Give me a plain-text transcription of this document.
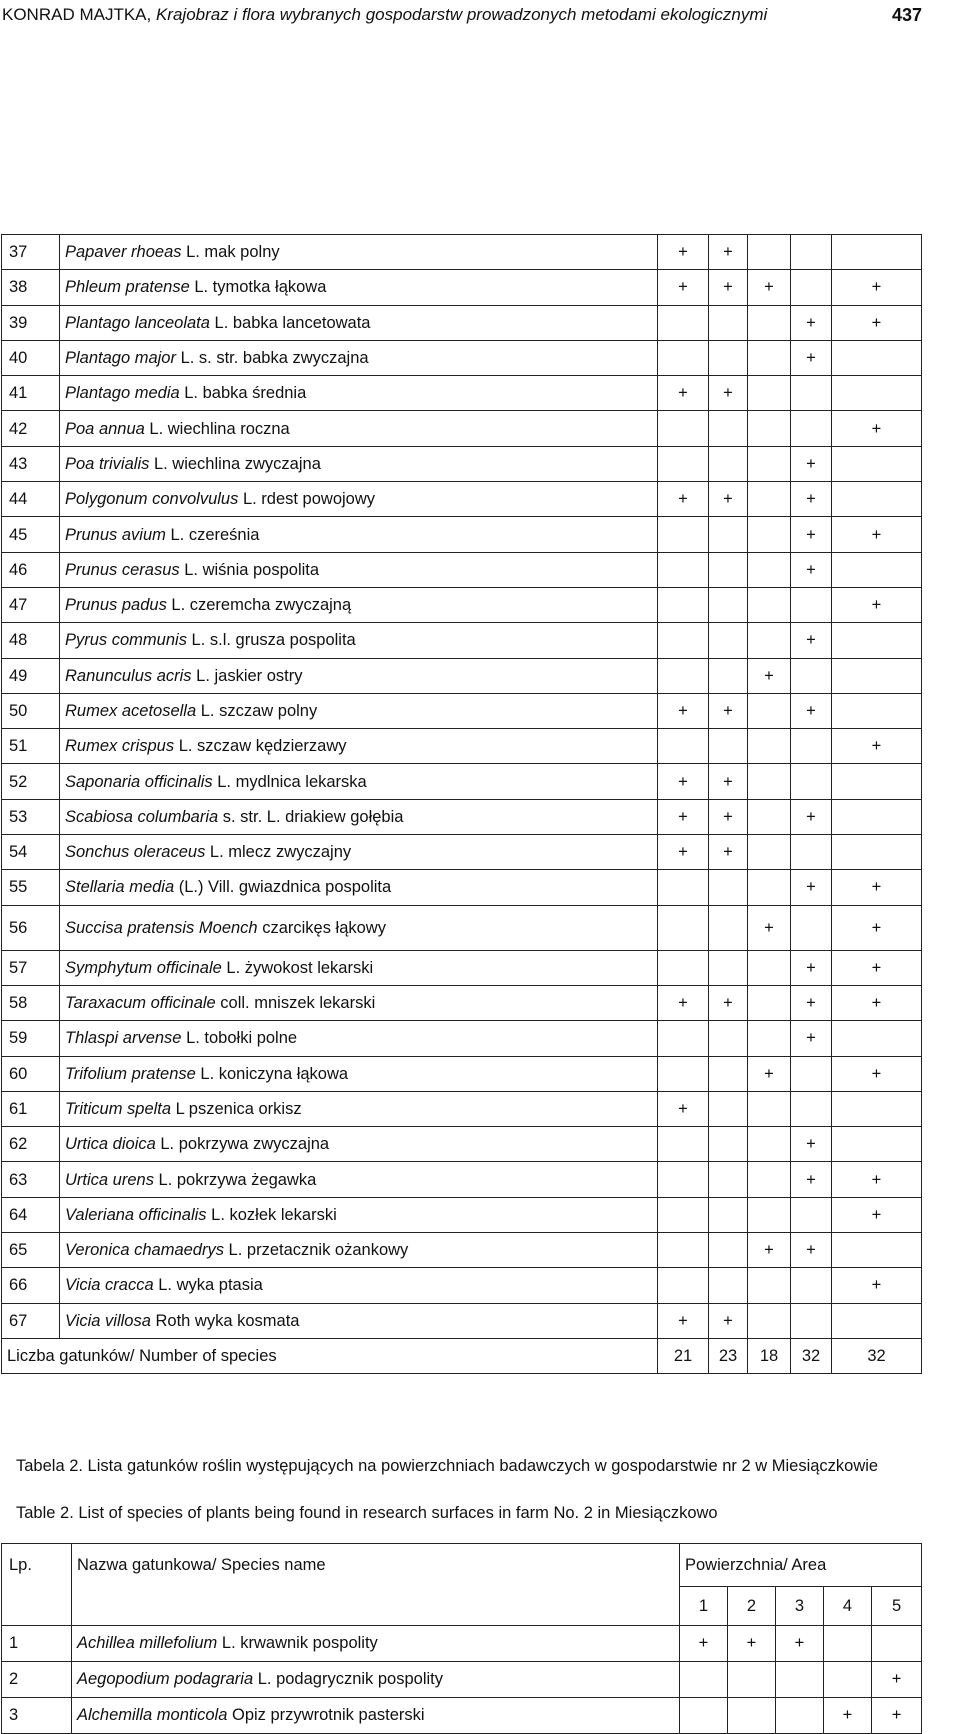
KONRAD MAJTKA, Krajobraz i flora wybranych gospodarstw prowadzonych metodami ekologicznymi	437
37	Papaver rhoeas L. mak polny	+	+			
38	Phleum pratense L. tymotka łąkowa	+	+	+		+
39	Plantago lanceolata L. babka lancetowata				+	+
40	Plantago major L. s. str. babka zwyczajna				+	
41	Plantago media L. babka średnia	+	+			
42	Poa annua L. wiechlina roczna					+
43	Poa trivialis L. wiechlina zwyczajna				+	
44	Polygonum convolvulus L. rdest powojowy	+	+		+	
45	Prunus avium L. czereśnia				+	+
46	Prunus cerasus L. wiśnia pospolita				+	
47	Prunus padus L. czeremcha zwyczajną					+
48	Pyrus communis L. s.l. grusza pospolita				+	
49	Ranunculus acris L. jaskier ostry			+		
50	Rumex acetosella L. szczaw polny	+	+		+	
51	Rumex crispus L. szczaw kędzierzawy					+
52	Saponaria officinalis L. mydlnica lekarska	+	+			
53	Scabiosa columbaria s. str. L. driakiew gołębia	+	+		+	
54	Sonchus oleraceus L. mlecz zwyczajny	+	+			
55	Stellaria media (L.) Vill. gwiazdnica pospolita				+	+
56	Succisa pratensis Moench czarcikęs łąkowy			+		+
57	Symphytum officinale L. żywokost lekarski				+	+
58	Taraxacum officinale coll. mniszek lekarski	+	+		+	+
59	Thlaspi arvense L. tobołki polne				+	
60	Trifolium pratense L. koniczyna łąkowa			+		+
61	Triticum spelta L pszenica orkisz	+				
62	Urtica dioica L. pokrzywa zwyczajna				+	
63	Urtica urens L. pokrzywa żegawka				+	+
64	Valeriana officinalis L. kozłek lekarski					+
65	Veronica chamaedrys L. przetacznik ożankowy			+	+	
66	Vicia cracca L. wyka ptasia					+
67	Vicia villosa Roth wyka kosmata	+	+			
Liczba gatunków/ Number of species		21	23	18	32	32
Tabela 2. Lista gatunków roślin występujących na powierzchniach badawczych w gospodarstwie nr 2 w Miesiączkowie
Table 2. List of species of plants being found in research surfaces in farm No. 2 in Miesiączkowo
Lp.	Nazwa gatunkowa/ Species name	Powierzchnia/ Area				
		1	2	3	4	5
1	Achillea millefolium L. krwawnik pospolity	+	+	+		
2	Aegopodium podagraria L. podagrycznik pospolity					+
3	Alchemilla monticola Opiz przywrotnik pasterski				+	+
